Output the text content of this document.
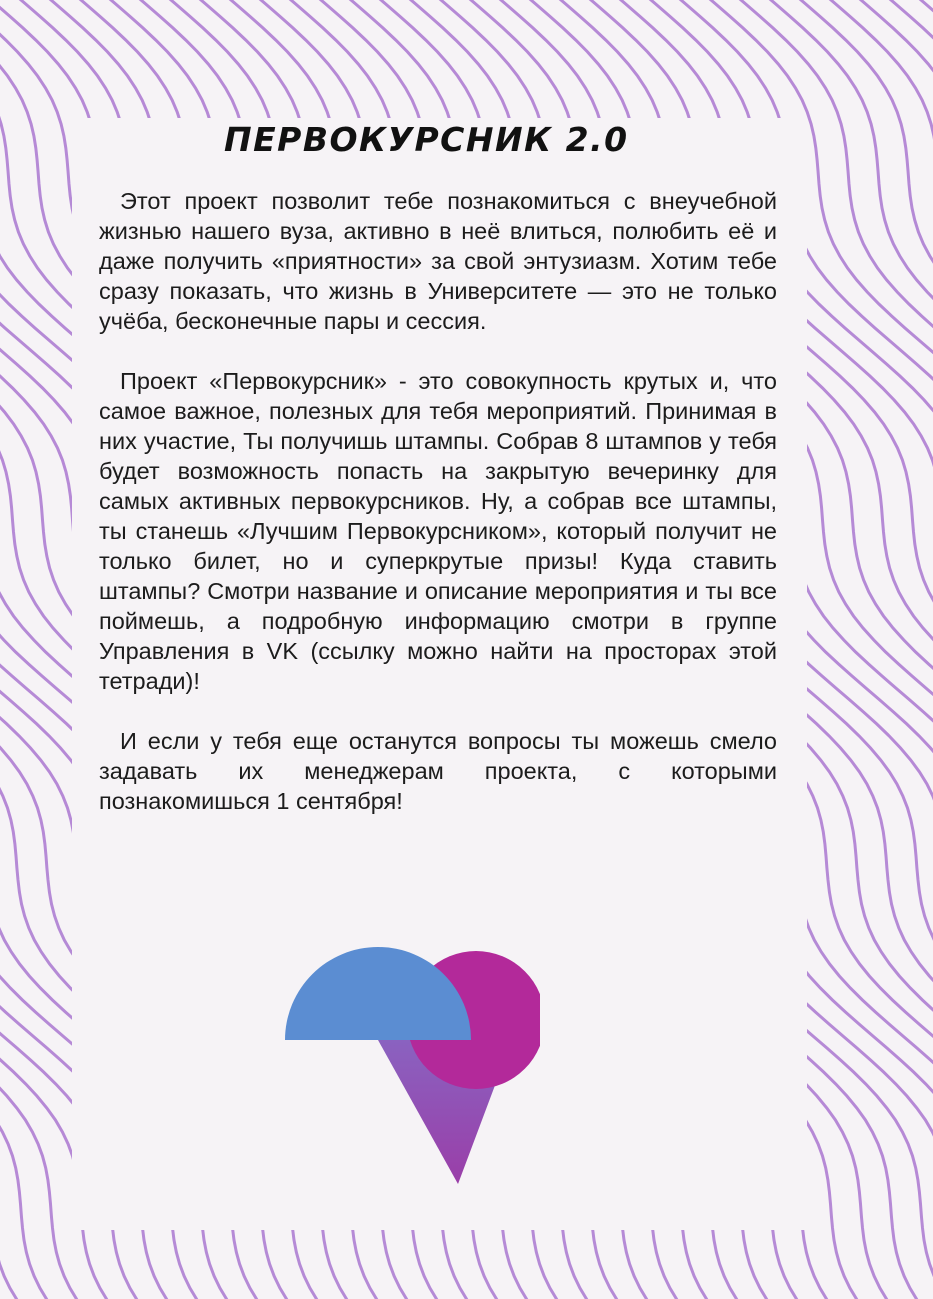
ПЕРВОКУРСНИК 2.0

Этот проект позволит тебе познакомиться с внеучебной жизнью нашего вуза, активно в неё влиться, полюбить её и даже получить «приятности» за свой энтузиазм. Хотим тебе сразу показать, что жизнь в Университете — это не только учёба, бесконечные пары и сессия.

Проект «Первокурсник» - это совокупность крутых и, что самое важное, полезных для тебя мероприятий. Принимая в них участие, Ты получишь штампы. Собрав 8 штампов у тебя будет возможность попасть на закрытую вечеринку для самых активных первокурсников. Ну, а собрав все штампы, ты станешь «Лучшим Первокурсником», который получит не только билет, но и суперкрутые призы! Куда ставить штампы? Смотри название и описание мероприятия и ты все поймешь, а подробную информацию смотри в группе Управления в VK (ссылку можно найти на просторах этой тетради)!

И если у тебя еще останутся вопросы ты можешь смело задавать их менеджерам проекта, с которыми познакомишься 1 сентября!
